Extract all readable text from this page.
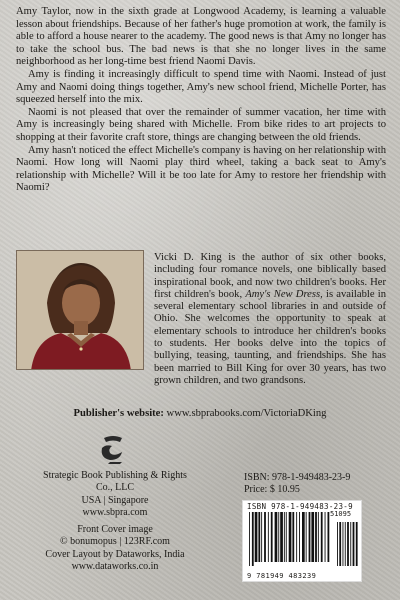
Amy Taylor, now in the sixth grade at Longwood Academy, is learning a valuable lesson about friendships. Because of her father's huge promotion at work, the family is able to afford a house nearer to the academy. The good news is that Amy no longer has to take the school bus. The bad news is that she no longer lives in the same neighborhood as her long-time best friend Naomi Davis.

Amy is finding it increasingly difficult to spend time with Naomi. Instead of just Amy and Naomi doing things together, Amy's new school friend, Michelle Porter, has squeezed herself into the mix.

Naomi is not pleased that over the remainder of summer vacation, her time with Amy is increasingly being shared with Michelle. From bike rides to art projects to shopping at their favorite craft store, things are changing between the old friends.

Amy hasn't noticed the effect Michelle's company is having on her relationship with Naomi. How long will Naomi play third wheel, taking a back seat to Amy's relationship with Michelle? Will it be too late for Amy to restore her friendship with Naomi?

Vicki D. King is the author of six other books, including four romance novels, one biblically based inspirational book, and now two children's books. Her first children's book, Amy's New Dress, is available in several elementary school libraries in and outside of Ohio. She welcomes the opportunity to speak at elementary schools to introduce her children's books to students. Her books delve into the topics of bullying, teasing, taunting, and friendships. She has been married to Bill King for over 30 years, has two grown children, and two grandsons.
Publisher's website: www.sbprabooks.com/VictoriaDKing
Strategic Book Publishing & Rights Co., LLC
USA | Singapore
www.sbpra.com
Front Cover image
© bonumopus | 123RF.com
Cover Layout by Dataworks, India
www.dataworks.co.in
ISBN: 978-1-949483-23-9
Price: $ 10.95
ISBN 978-1-949483-23-9
9 781949 483239
51095
